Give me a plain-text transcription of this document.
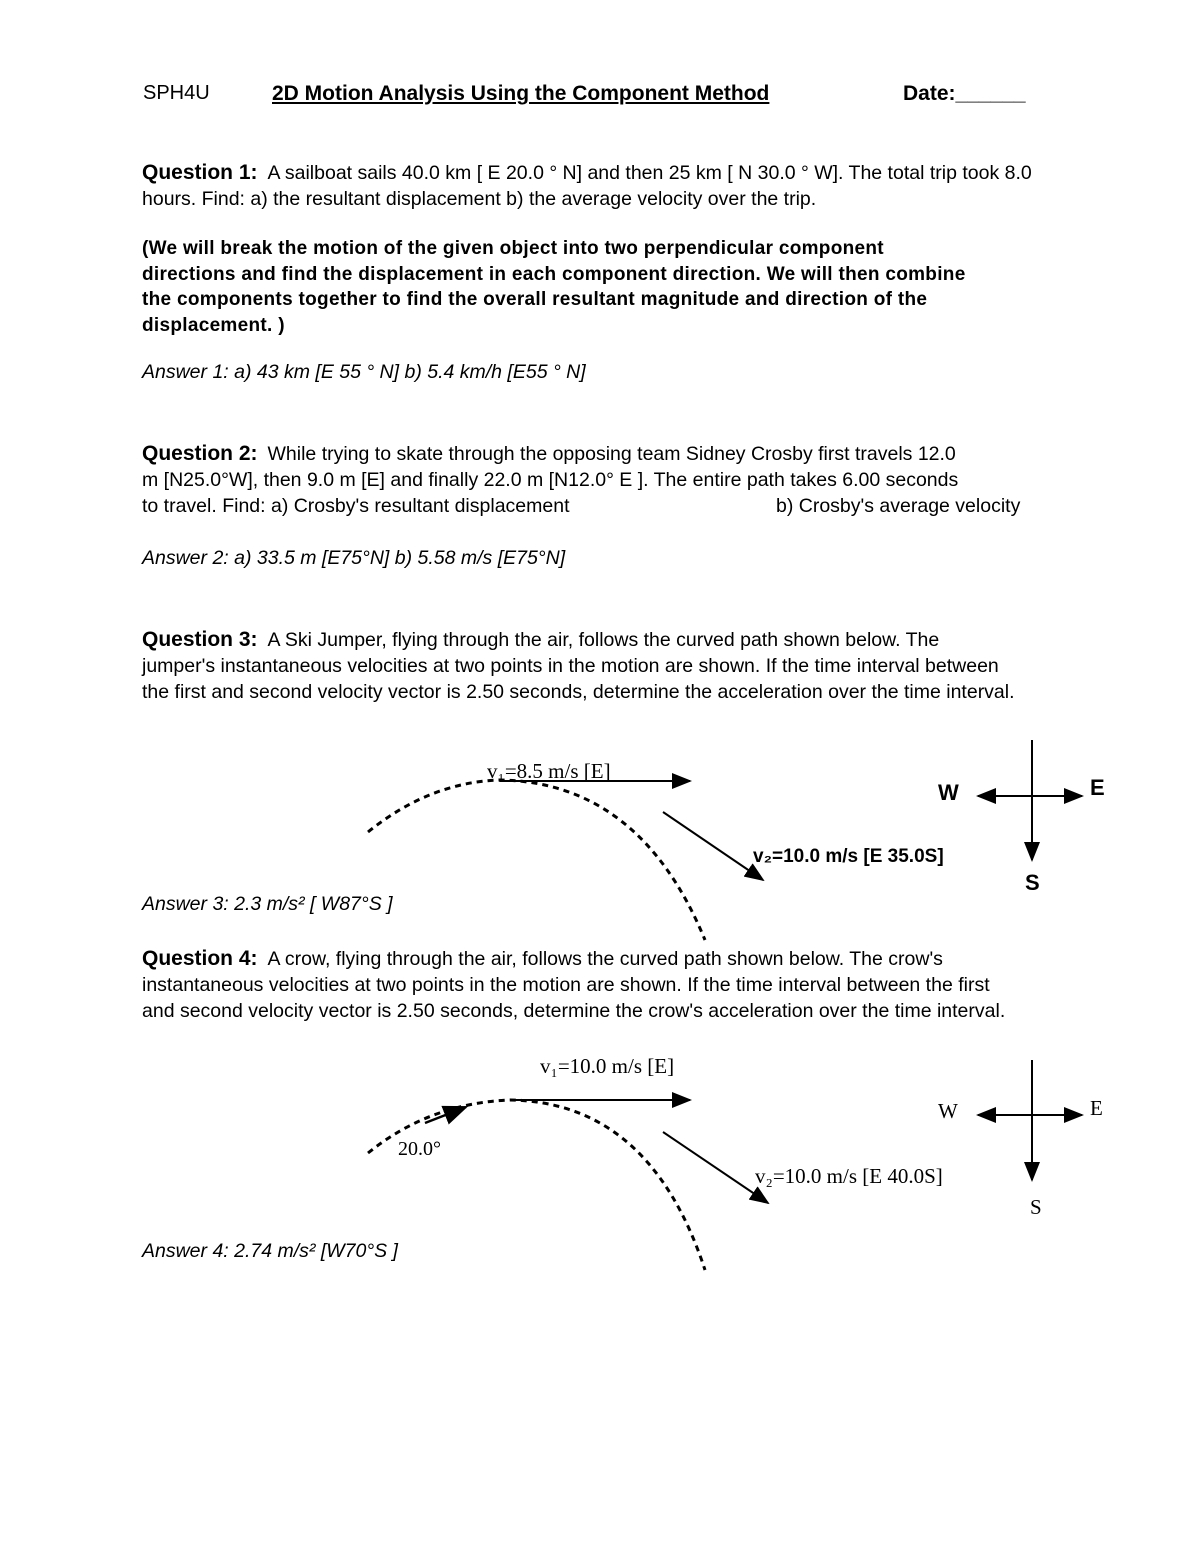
SPH4U	2D Motion Analysis Using the Component Method	Date:______
Question 1: A sailboat sails 40.0 km [ E 20.0 ° N] and then 25 km [ N 30.0 ° W]. The total trip took 8.0
hours. Find: a) the resultant displacement b) the average velocity over the trip.
(We will break the motion of the given object into two perpendicular component
directions and find the displacement in each component direction. We will then combine
the components together to find the overall resultant magnitude and direction of the
displacement. )
Answer 1: a) 43 km [E 55 ° N] b) 5.4 km/h [E55 ° N]
Question 2: While trying to skate through the opposing team Sidney Crosby first travels 12.0
m [N25.0°W], then 9.0 m [E] and finally 22.0 m [N12.0° E ]. The entire path takes 6.00 seconds
to travel. Find: a) Crosby's resultant displacement	b) Crosby's average velocity
Answer 2: a) 33.5 m [E75°N] b) 5.58 m/s [E75°N]
Question 3: A Ski Jumper, flying through the air, follows the curved path shown below. The
jumper's instantaneous velocities at two points in the motion are shown. If the time interval between
the first and second velocity vector is 2.50 seconds, determine the acceleration over the time interval.
v₁=8.5 m/s [E]
v₂=10.0 m/s [E 35.0S]
W	E
S
Answer 3: 2.3 m/s² [ W87°S ]
Question 4: A crow, flying through the air, follows the curved path shown below. The crow's
instantaneous velocities at two points in the motion are shown. If the time interval between the first
and second velocity vector is 2.50 seconds, determine the crow's acceleration over the time interval.
v₁=10.0 m/s [E]
v₂=10.0 m/s [E 40.0S]
20.0°
W	E
S
Answer 4: 2.74 m/s² [W70°S ]
